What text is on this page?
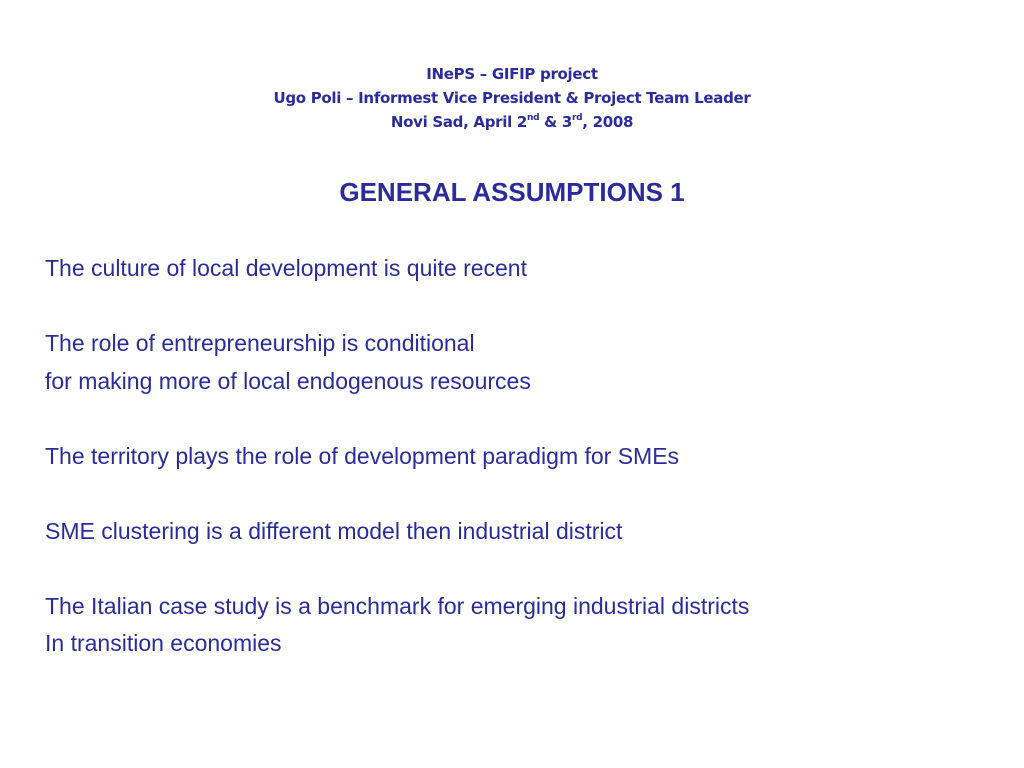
INePS – GIFIP project
Ugo Poli – Informest Vice President & Project Team Leader
Novi Sad, April 2nd & 3rd, 2008
GENERAL ASSUMPTIONS 1
The culture of local development is quite recent
The role of entrepreneurship is conditional
for making more of local endogenous resources
The territory plays the role of development paradigm for SMEs
SME clustering is a different model then industrial district
The Italian case study is a benchmark for emerging industrial districts
In transition economies
